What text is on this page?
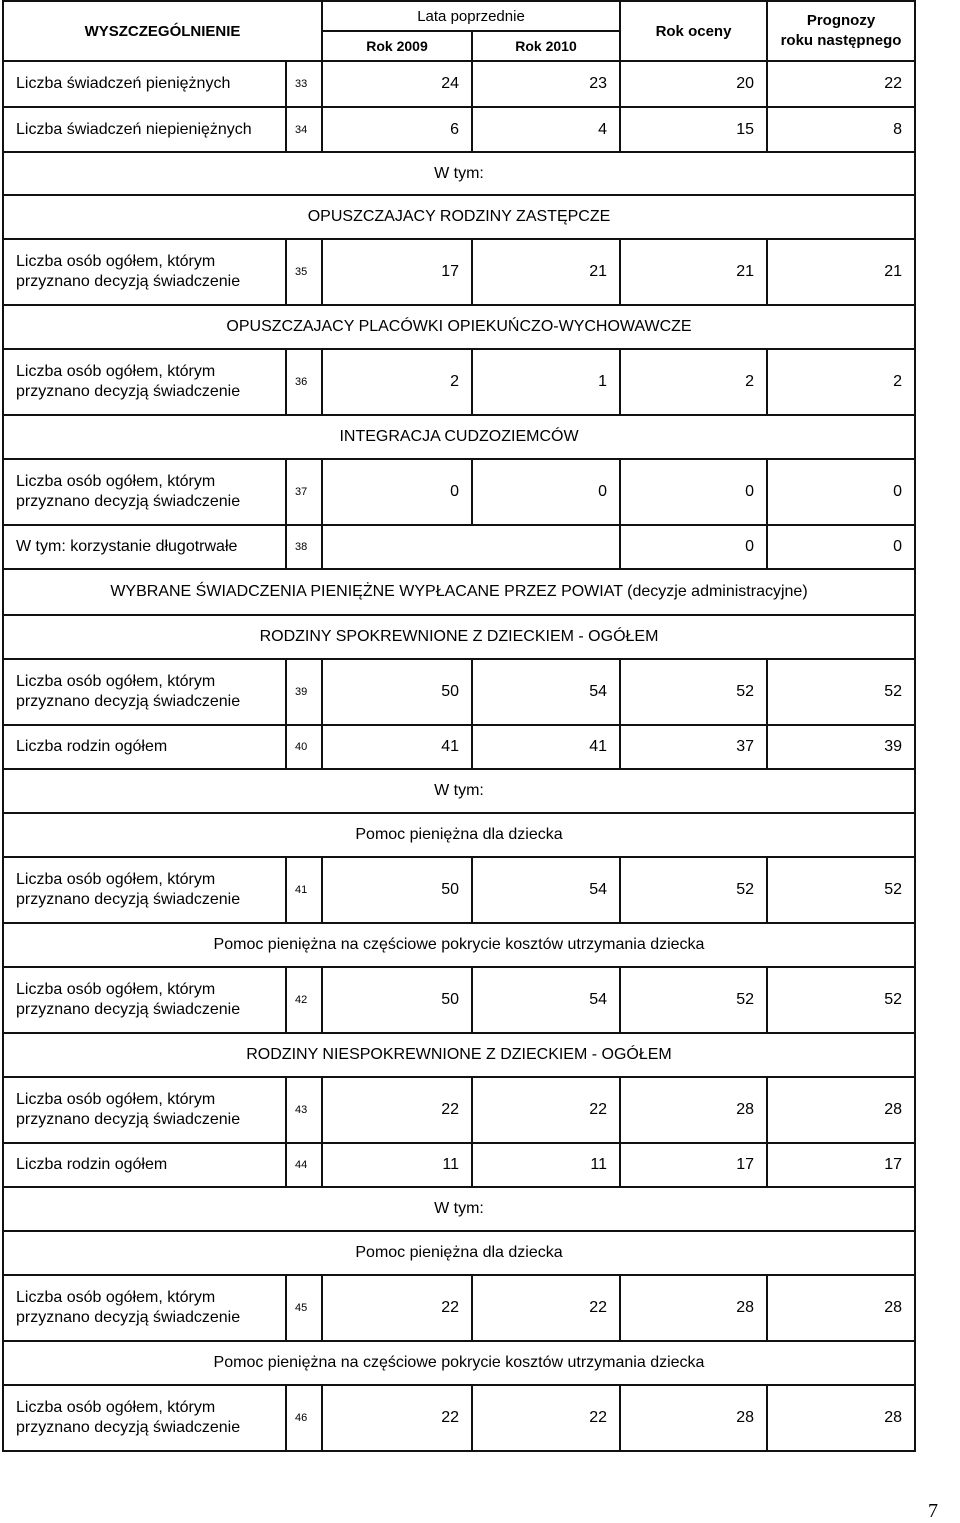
WYSZCZEGÓLNIENIE		Lata poprzednie		Rok oceny	Prognozy
roku następnego

		Rok 2009	Rok 2010		
Liczba świadczeń pieniężnych	33	24	23	20	22
Liczba świadczeń niepieniężnych	34	6	4	15	8
W tym:					
OPUSZCZAJACY RODZINY ZASTĘPCZE					

Liczba osób ogółem, którym
przyznano decyzją świadczenie	35	17	21	21	21
OPUSZCZAJACY PLACÓWKI OPIEKUŃCZO-WYCHOWAWCZE					

Liczba osób ogółem, którym
przyznano decyzją świadczenie	36	2	1	2	2
INTEGRACJA CUDZOZIEMCÓW					

Liczba osób ogółem, którym
przyznano decyzją świadczenie	37	0	0	0	0
W tym: korzystanie długotrwałe	38			0	0
WYBRANE ŚWIADCZENIA PIENIĘŻNE WYPŁACANE PRZEZ POWIAT (decyzje administracyjne)					
RODZINY SPOKREWNIONE Z DZIECKIEM - OGÓŁEM					

Liczba osób ogółem, którym
przyznano decyzją świadczenie	39	50	54	52	52
Liczba rodzin ogółem	40	41	41	37	39
W tym:					
Pomoc pieniężna dla dziecka					

Liczba osób ogółem, którym
przyznano decyzją świadczenie	41	50	54	52	52
Pomoc pieniężna na częściowe pokrycie kosztów utrzymania dziecka					

Liczba osób ogółem, którym
przyznano decyzją świadczenie	42	50	54	52	52
RODZINY NIESPOKREWNIONE Z DZIECKIEM - OGÓŁEM					

Liczba osób ogółem, którym
przyznano decyzją świadczenie	43	22	22	28	28
Liczba rodzin ogółem	44	11	11	17	17
W tym:					
Pomoc pieniężna dla dziecka					

Liczba osób ogółem, którym
przyznano decyzją świadczenie	45	22	22	28	28
Pomoc pieniężna na częściowe pokrycie kosztów utrzymania dziecka					

Liczba osób ogółem, którym
przyznano decyzją świadczenie	46	22	22	28	28
7
